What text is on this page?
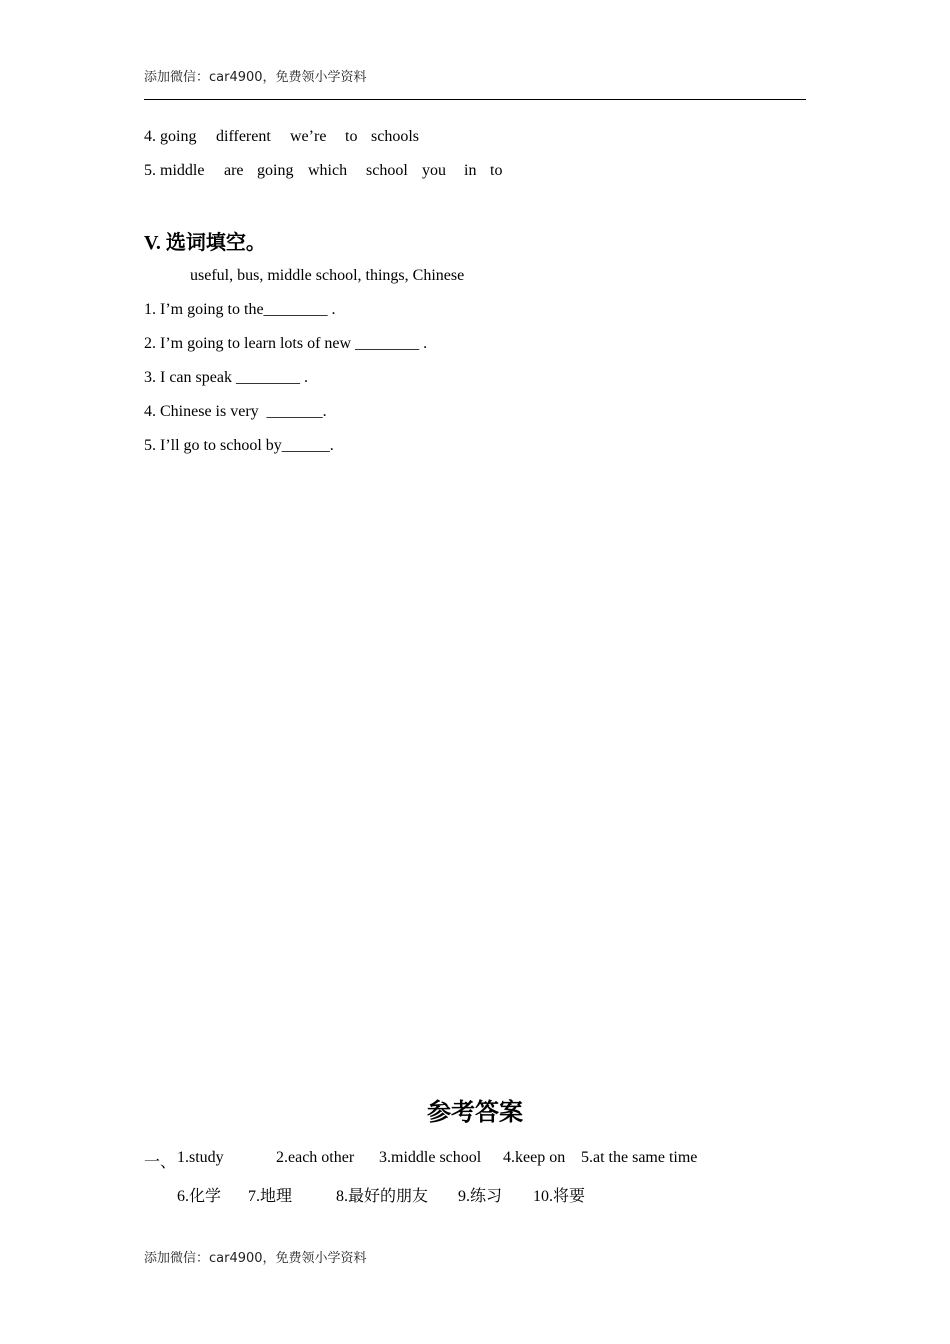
添加微信：car4900，免费领小学资料
4. going different we’re to schools
5. middle are going which school you in to
V. 选词填空。
useful, bus, middle school, things, Chinese
1. I’m going to the________ .
2. I’m going to learn lots of new ________ .
3. I can speak ________ .
4. Chinese is very  _______.
5. I’ll go to school by______.
参考答案
一、 1.study	2.each other 3.middle school 4.keep on 5.at the same time
6.化学 7.地理	8.最好的朋友 9.练习 10.将要
添加微信：car4900，免费领小学资料
